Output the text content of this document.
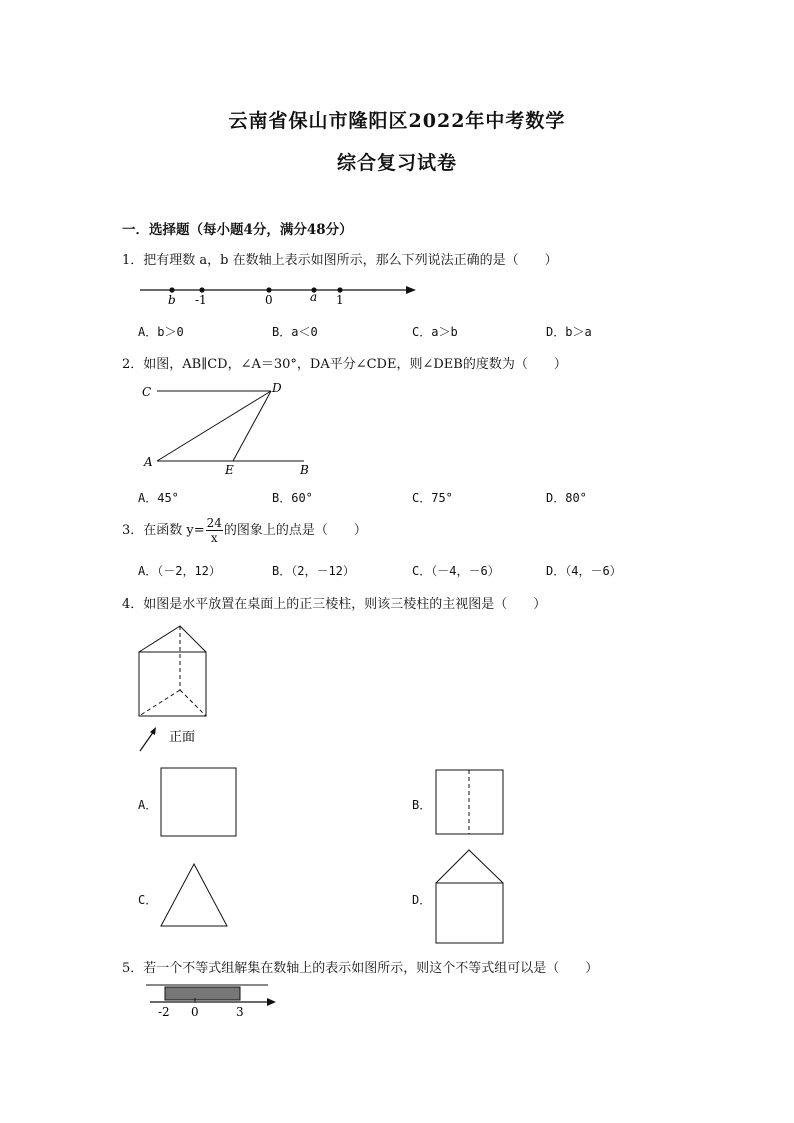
云南省保山市隆阳区2022年中考数学
综合复习试卷
一．选择题（每小题4分，满分48分）
1．把有理数 a，b 在数轴上表示如图所示，那么下列说法正确的是（　　）
b -1	0	a 1
A．b＞0	B．a＜0	C．a＞b	D．b＞a
2．如图，AB∥CD，∠A＝30°，DA平分∠CDE，则∠DEB的度数为（　　）
C	D
A
E	B
A．45°	B．60°	C．75°	D．80°
3．在函数 $y= \frac{24}{x}$ 的图象上的点是（　　）
A．（－2，12）	B．（2，－12）	C．（－4，－6）	D．（4，－6）
4．如图是水平放置在桌面上的正三棱柱，则该三棱柱的主视图是（　　）
正面
A．	B．
C．	D．
5．若一个不等式组解集在数轴上的表示如图所示，则这个不等式组可以是（　　）
-2 0	3
